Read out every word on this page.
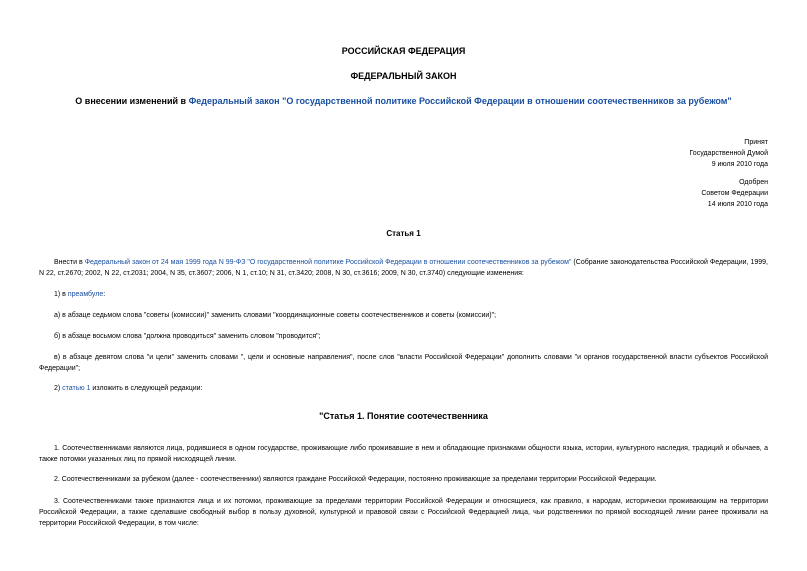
РОССИЙСКАЯ ФЕДЕРАЦИЯ
ФЕДЕРАЛЬНЫЙ ЗАКОН
О внесении изменений в Федеральный закон "О государственной политике Российской Федерации в отношении соотечественников за рубежом"
Принят
Государственной Думой
9 июля 2010 года
Одобрен
Советом Федерации
14 июля 2010 года
Статья 1
Внести в Федеральный закон от 24 мая 1999 года N 99-ФЗ "О государственной политике Российской Федерации в отношении соотечественников за рубежом" (Собрание законодательства Российской Федерации, 1999, N 22, ст.2670; 2002, N 22, ст.2031; 2004, N 35, ст.3607; 2006, N 1, ст.10; N 31, ст.3420; 2008, N 30, ст.3616; 2009, N 30, ст.3740) следующие изменения:
1) в преамбуле:
а) в абзаце седьмом слова "советы (комиссии)" заменить словами "координационные советы соотечественников и советы (комиссии)";
б) в абзаце восьмом слова "должна проводиться" заменить словом "проводится";
в) в абзаце девятом слова "и цели" заменить словами ", цели и основные направления", после слов "власти Российской Федерации" дополнить словами "и органов государственной власти субъектов Российской Федерации";
2) статью 1 изложить в следующей редакции:
"Статья 1. Понятие соотечественника
1. Соотечественниками являются лица, родившиеся в одном государстве, проживающие либо проживавшие в нем и обладающие признаками общности языка, истории, культурного наследия, традиций и обычаев, а также потомки указанных лиц по прямой нисходящей линии.
2. Соотечественниками за рубежом (далее - соотечественники) являются граждане Российской Федерации, постоянно проживающие за пределами территории Российской Федерации.
3. Соотечественниками также признаются лица и их потомки, проживающие за пределами территории Российской Федерации и относящиеся, как правило, к народам, исторически проживающим на территории Российской Федерации, а также сделавшие свободный выбор в пользу духовной, культурной и правовой связи с Российской Федерацией лица, чьи родственники по прямой восходящей линии ранее проживали на территории Российской Федерации, в том числе:
